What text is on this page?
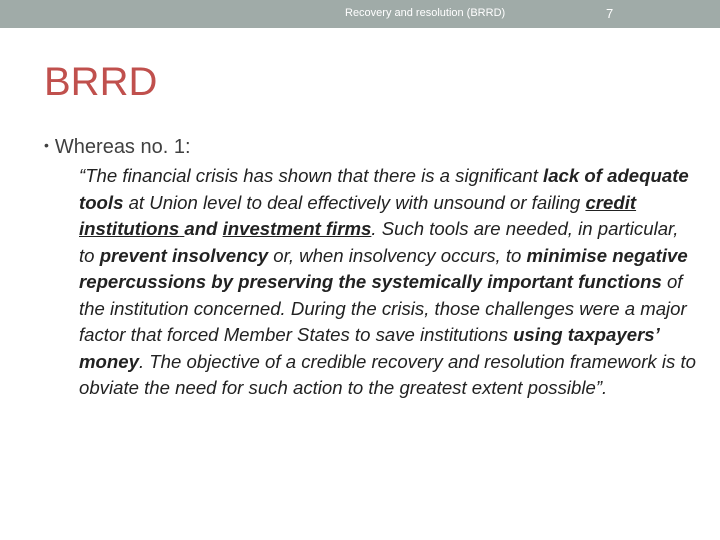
Recovery and resolution (BRRD)	7
BRRD
• Whereas no. 1:

“The financial crisis has shown that there is a significant lack of adequate tools at Union level to deal effectively with unsound or failing credit institutions and investment firms. Such tools are needed, in particular, to prevent insolvency or, when insolvency occurs, to minimise negative repercussions by preserving the systemically important functions of the institution concerned. During the crisis, those challenges were a major factor that forced Member States to save institutions using taxpayers’ money. The objective of a credible recovery and resolution framework is to obviate the need for such action to the greatest extent possible”.
